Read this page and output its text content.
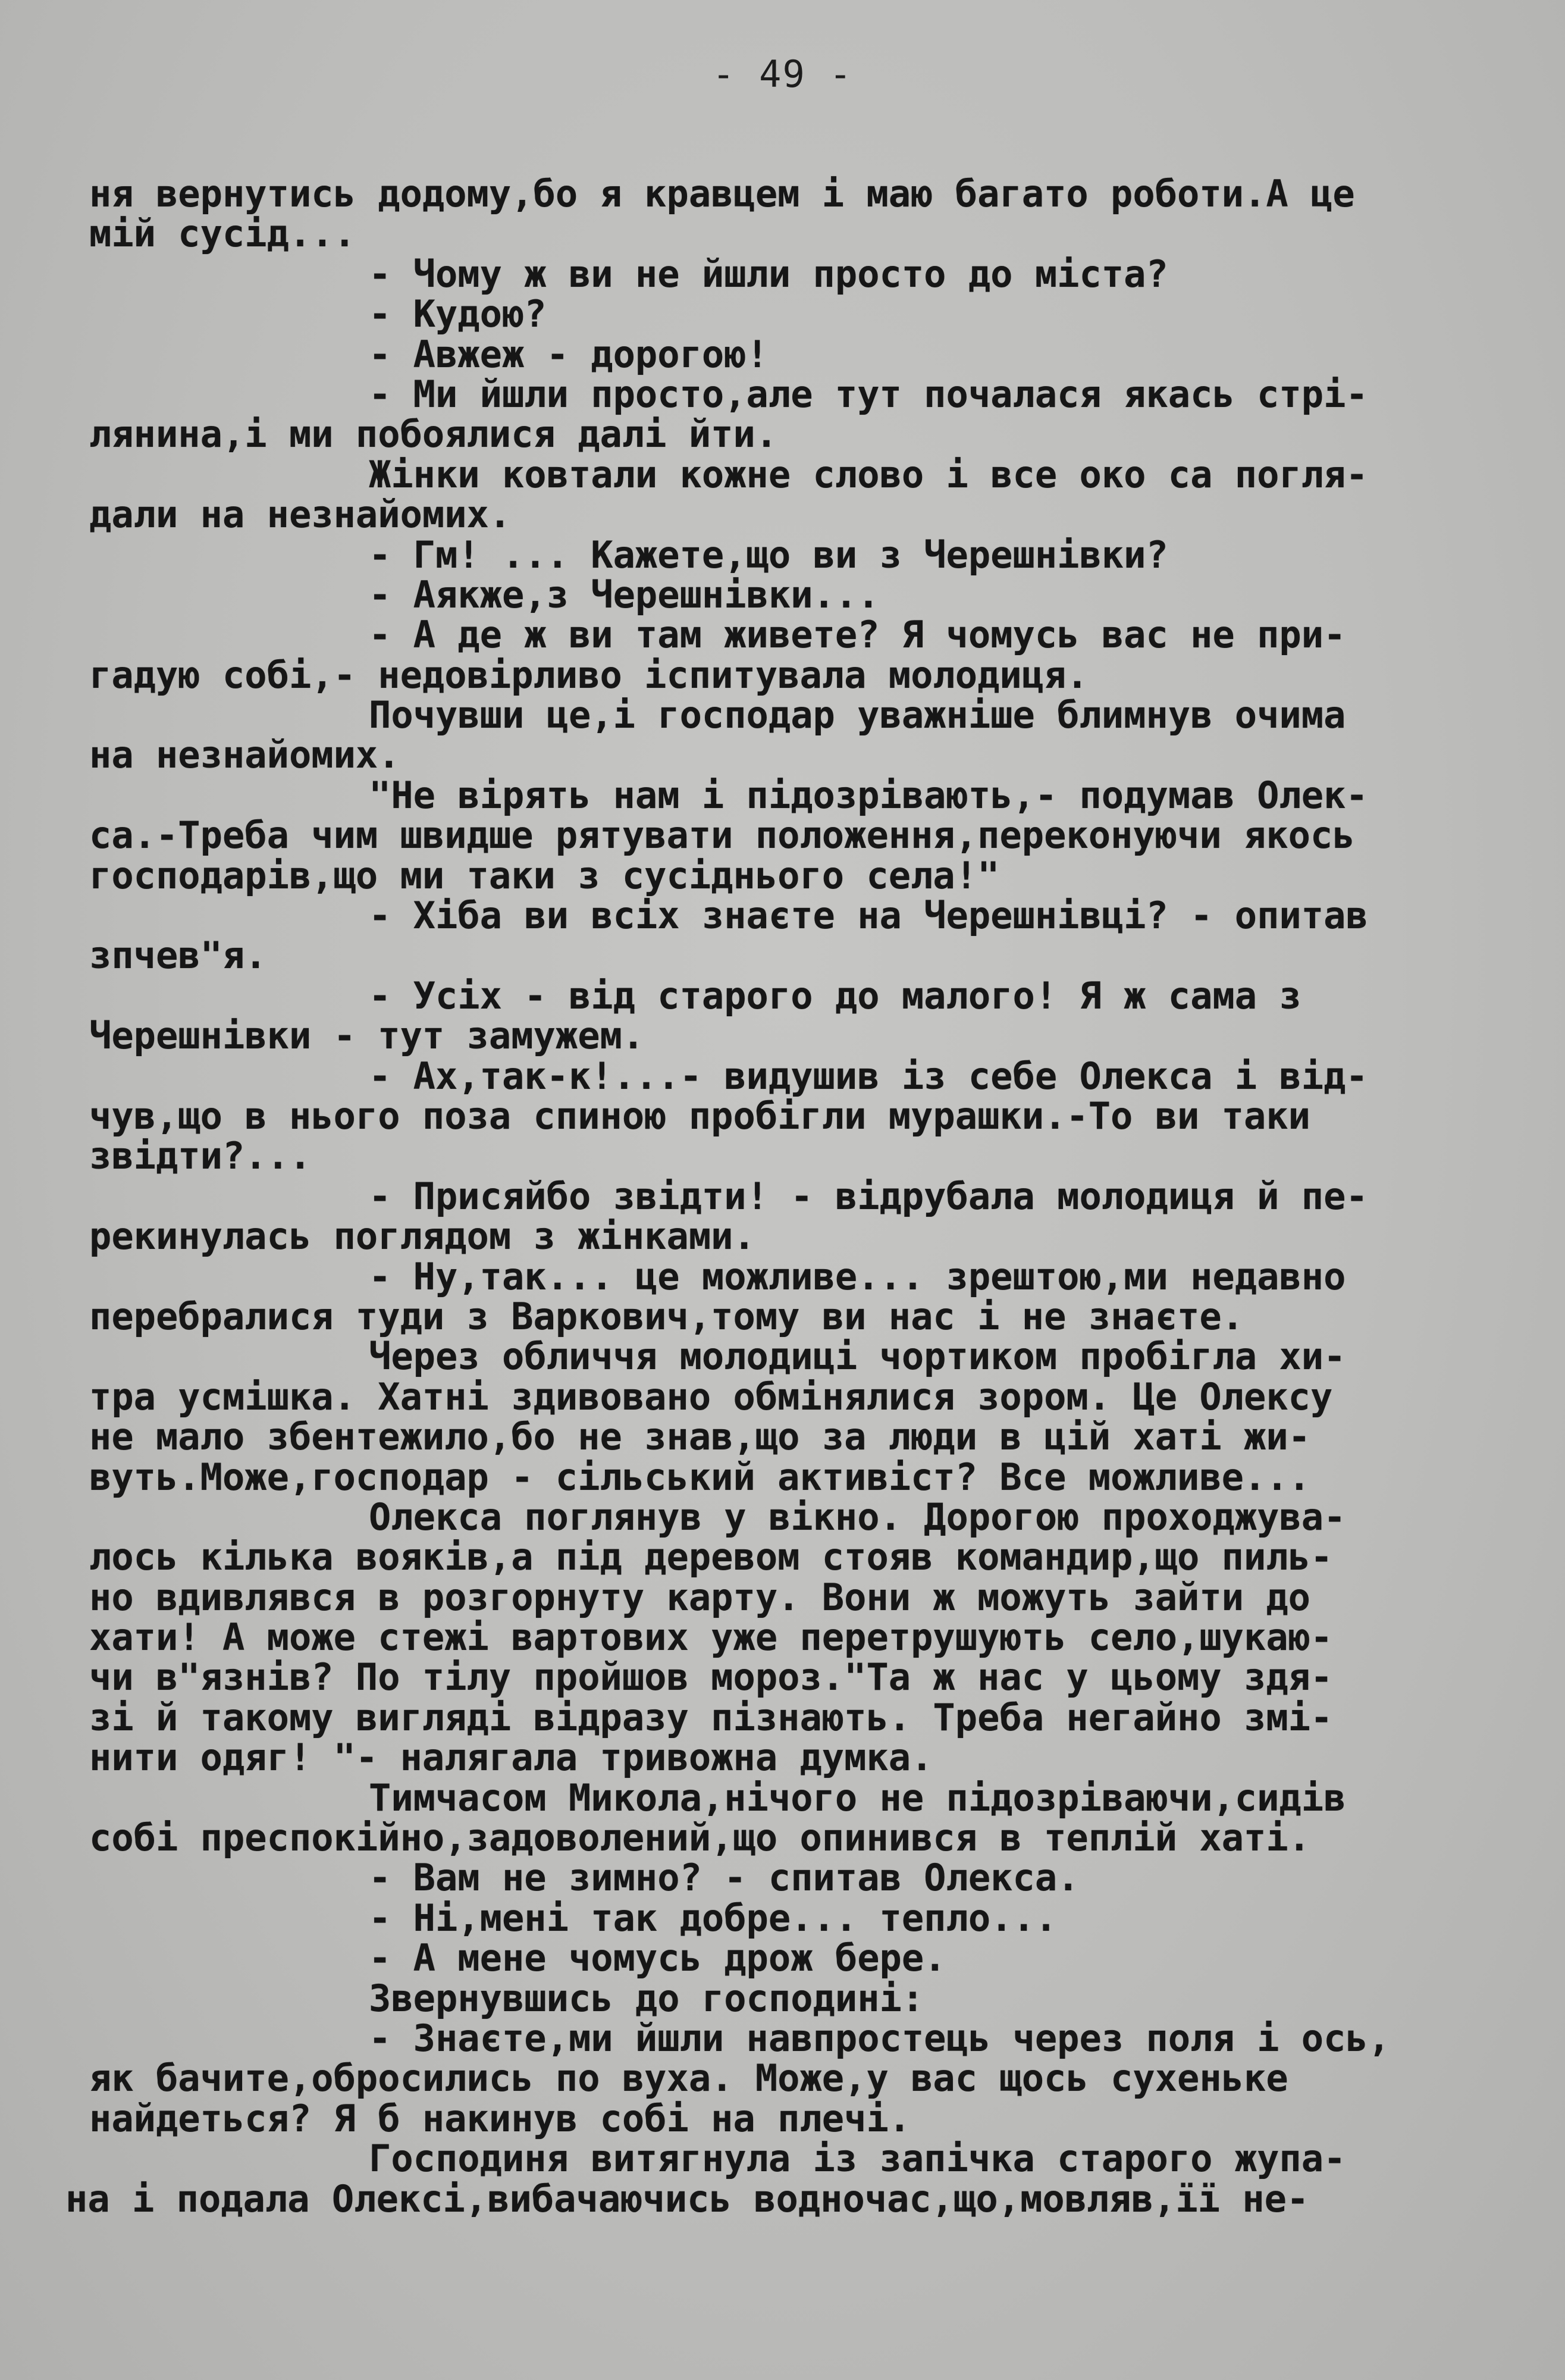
- 49 -
ня вернутись додому,бо я кравцем і маю багато роботи.А це
мій сусід...
- Чому ж ви не йшли просто до міста?
- Кудою?
- Авжеж - дорогою!
- Ми йшли просто,але тут почалася якась стрі-
лянина,і ми побоялися далі йти.
Жінки ковтали кожне слово і все око са погля-
дали на незнайомих.
- Гм! ... Кажете,що ви з Черешнівки?
- Аякже,з Черешнівки...
- А де ж ви там живете? Я чомусь вас не при-
гадую собі,- недовірливо іспитувала молодиця.
Почувши це,і господар уважніше блимнув очима
на незнайомих.
"Не вірять нам і підозрівають,- подумав Олек-
са.-Треба чим швидше рятувати положення,переконуючи якось
господарів,що ми таки з сусіднього села!"
- Хіба ви всіх знаєте на Черешнівці? - опитав
зпчев"я.
- Усіх - від старого до малого! Я ж сама з
Черешнівки - тут замужем.
- Ах,так-к!...- видушив із себе Олекса і від-
чув,що в нього поза спиною пробігли мурашки.-То ви таки
звідти?...
- Присяйбо звідти! - відрубала молодиця й пе-
рекинулась поглядом з жінками.
- Ну,так... це можливе... зрештою,ми недавно
перебралися туди з Варкович,тому ви нас і не знаєте.
Через обличчя молодиці чортиком пробігла хи-
тра усмішка. Хатні здивовано обмінялися зором. Це Олексу
не мало збентежило,бо не знав,що за люди в цій хаті жи-
вуть.Може,господар - сільський активіст? Все можливе...
Олекса поглянув у вікно. Дорогою проходжува-
лось кілька вояків,а під деревом стояв командир,що пиль-
но вдивлявся в розгорнуту карту. Вони ж можуть зайти до
хати! А може стежі вартових уже перетрушують село,шукаю-
чи в"язнів? По тілу пройшов мороз."Та ж нас у цьому здя-
зі й такому вигляді відразу пізнають. Треба негайно змі-
нити одяг! "- налягала тривожна думка.
Тимчасом Микола,нічого не підозріваючи,сидів
собі преспокійно,задоволений,що опинився в теплій хаті.
- Вам не зимно? - спитав Олекса.
- Ні,мені так добре... тепло...
- А мене чомусь дрож бере.
Звернувшись до господині:
- Знаєте,ми йшли навпростець через поля і ось,
як бачите,обросились по вуха. Може,у вас щось сухеньке
найдеться? Я б накинув собі на плечі.
Господиня витягнула із запічка старого жупа-
на і подала Олексі,вибачаючись водночас,що,мовляв,її не-
